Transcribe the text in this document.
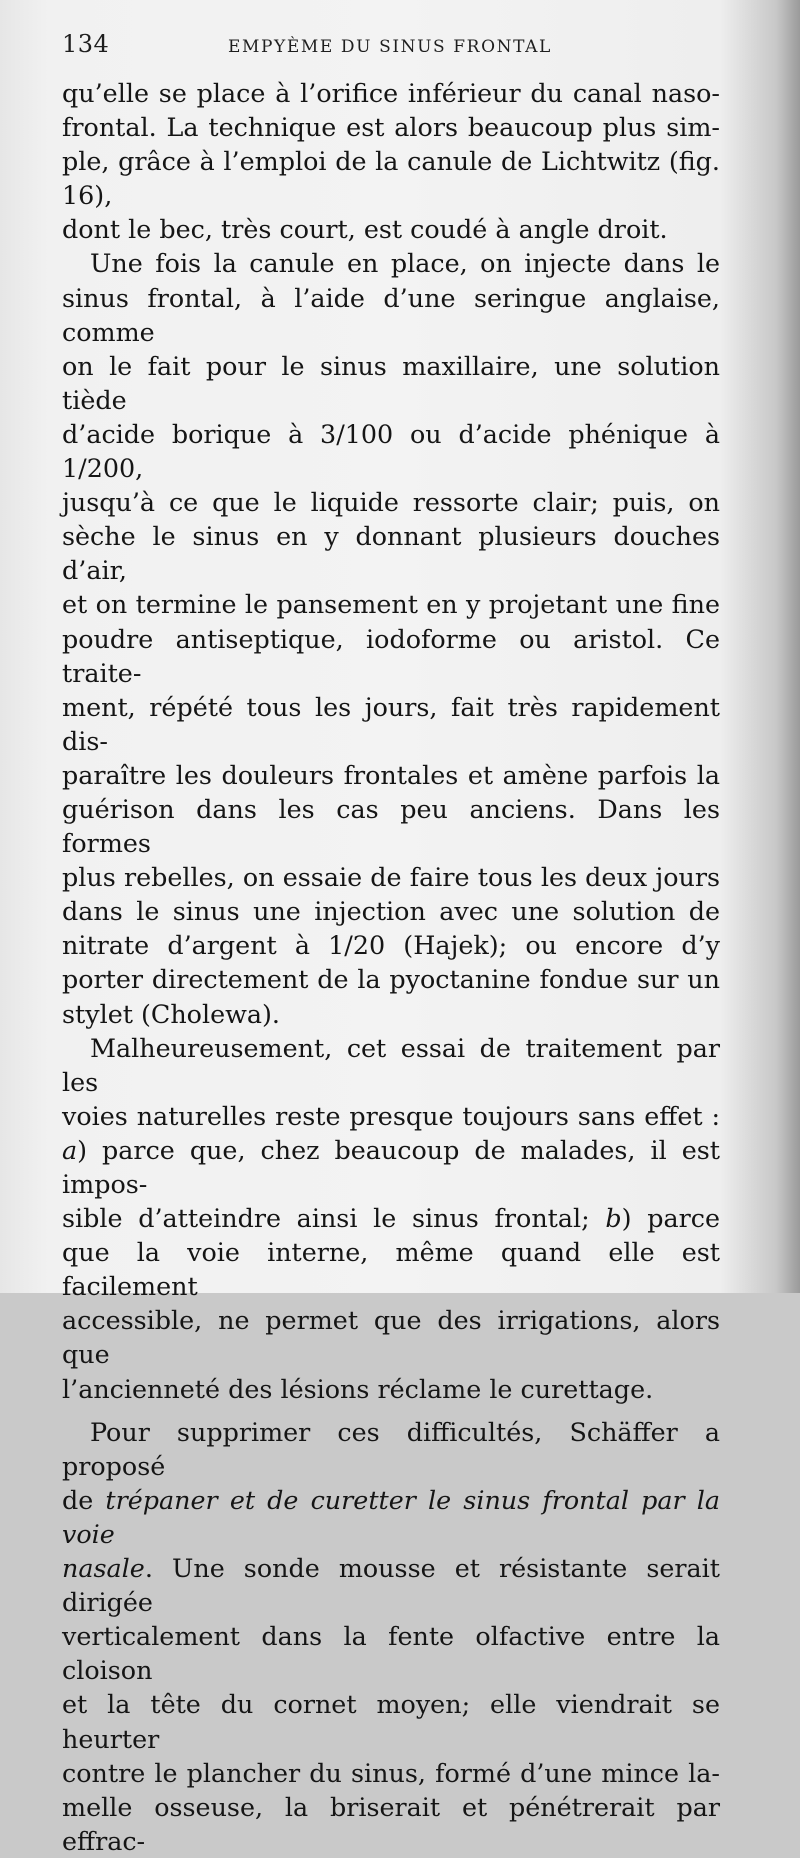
134	EMPYÈME DU SINUS FRONTAL

qu’elle se place à l’orifice inférieur du canal naso-

frontal. La technique est alors beaucoup plus sim-

ple, grâce à l’emploi de la canule de Lichtwitz (fig. 16),

dont le bec, très court, est coudé à angle droit.

Une fois la canule en place, on injecte dans le

sinus frontal, à l’aide d’une seringue anglaise, comme

on le fait pour le sinus maxillaire, une solution tiède

d’acide borique à 3/100 ou d’acide phénique à 1/200,

jusqu’à ce que le liquide ressorte clair; puis, on

sèche le sinus en y donnant plusieurs douches d’air,

et on termine le pansement en y projetant une fine

poudre antiseptique, iodoforme ou aristol. Ce traite-

ment, répété tous les jours, fait très rapidement dis-

paraître les douleurs frontales et amène parfois la

guérison dans les cas peu anciens. Dans les formes

plus rebelles, on essaie de faire tous les deux jours

dans le sinus une injection avec une solution de

nitrate d’argent à 1/20 (Hajek); ou encore d’y

porter directement de la pyoctanine fondue sur un

stylet (Cholewa).

Malheureusement, cet essai de traitement par les

voies naturelles reste presque toujours sans effet :

a) parce que, chez beaucoup de malades, il est impos-

sible d’atteindre ainsi le sinus frontal; b) parce

que la voie interne, même quand elle est facilement

accessible, ne permet que des irrigations, alors que

l’ancienneté des lésions réclame le curettage.

Pour supprimer ces difficultés, Schäffer a proposé

de trépaner et de curetter le sinus frontal par la voie

nasale. Une sonde mousse et résistante serait dirigée

verticalement dans la fente olfactive entre la cloison

et la tête du cornet moyen; elle viendrait se heurter

contre le plancher du sinus, formé d’une mince la-

melle osseuse, la briserait et pénétrerait par effrac-
